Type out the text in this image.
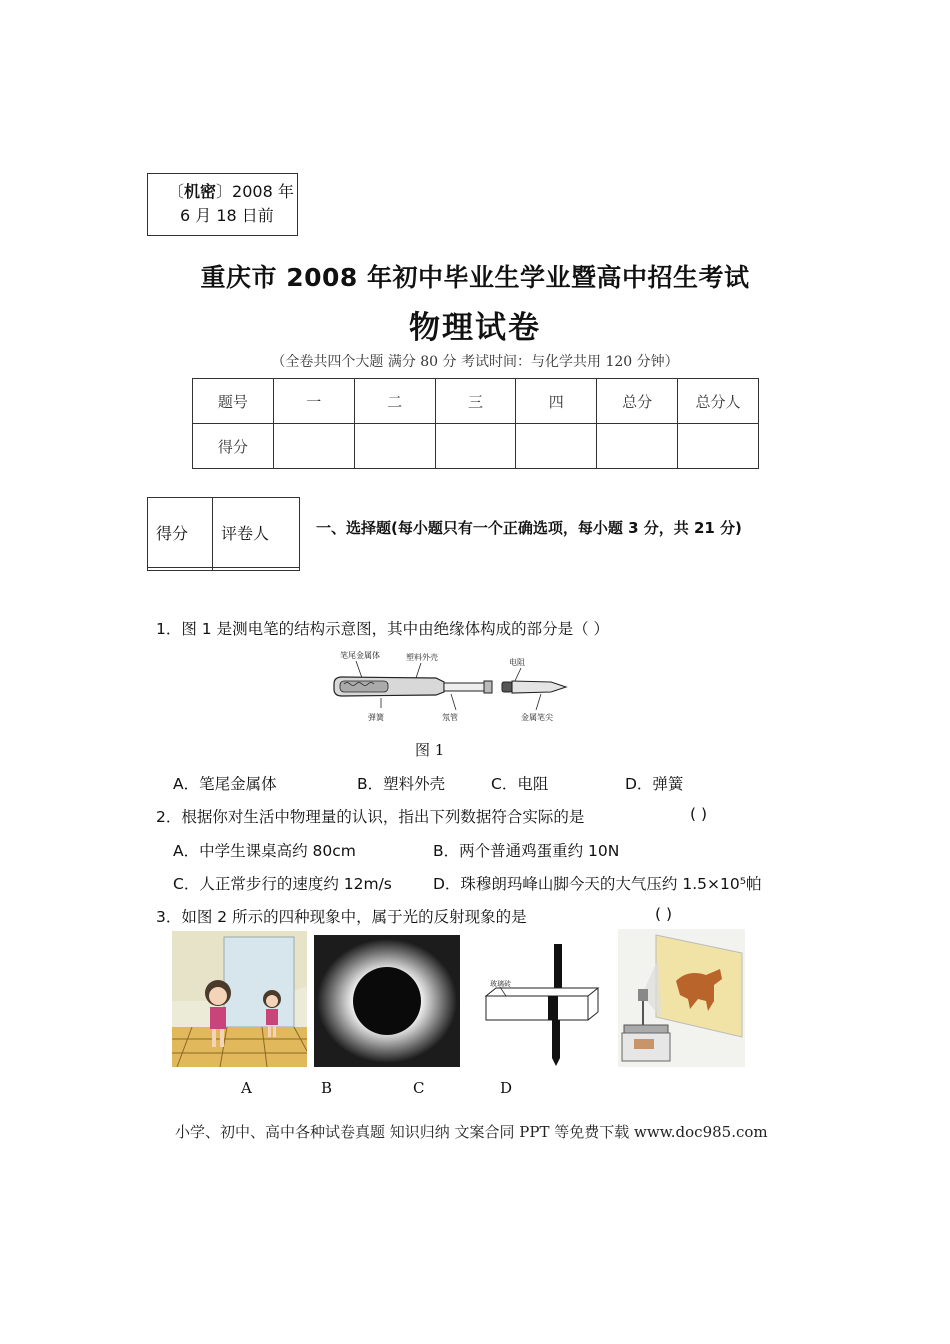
〔机密〕2008 年
6 月 18 日前
重庆市 2008 年初中毕业生学业暨高中招生考试
物理试卷
（全卷共四个大题 满分 80 分 考试时间：与化学共用 120 分钟）
题号	一	二	三	四	总分	总分人
得分						
得分	评卷人
		一、选择题(每小题只有一个正确选项，每小题 3 分，共 21 分)
1．图 1 是测电笔的结构示意图，其中由绝缘体构成的部分是（ ）
笔尾金属体	塑料外壳
电阻
弹簧	氖管	金属笔尖
图 1
A．笔尾金属体	B．塑料外壳	C．电阻	D．弹簧
2．根据你对生活中物理量的认识，指出下列数据符合实际的是	( )
A．中学生课桌高约 80cm	B．两个普通鸡蛋重约 10N
C．人正常步行的速度约 12m/s	D．珠穆朗玛峰山脚今天的大气压约 1.5×10⁵帕
3．如图 2 所示的四种现象中，属于光的反射现象的是	( )
玻璃砖
A	B	C	D
小学、初中、高中各种试卷真题 知识归纳 文案合同 PPT 等免费下载 www.doc985.com
